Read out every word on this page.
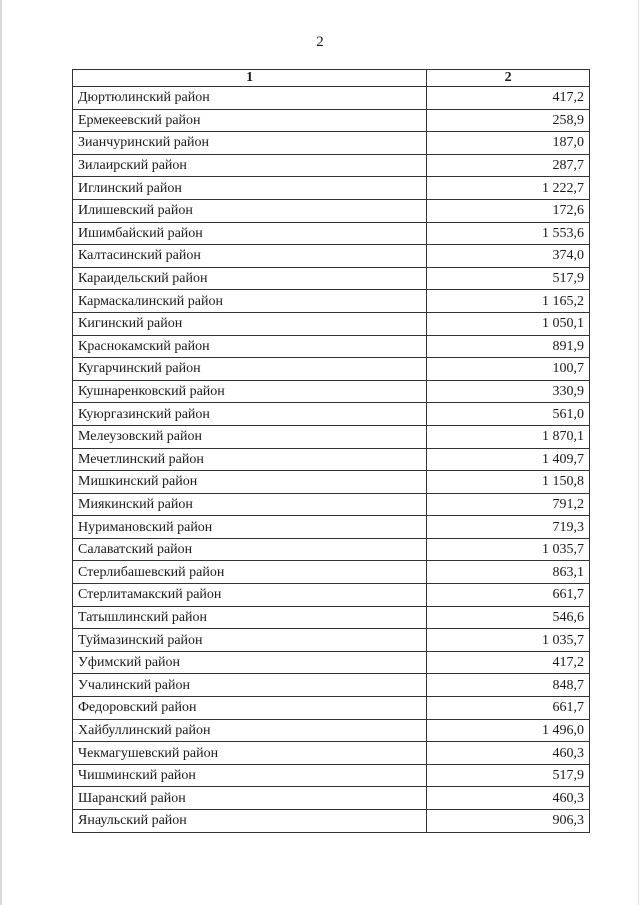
2
1	2
Дюртюлинский район	417,2
Ермекеевский район	258,9
Зианчуринский район	187,0
Зилаирский район	287,7
Иглинский район	1 222,7
Илишевский район	172,6
Ишимбайский район	1 553,6
Калтасинский район	374,0
Караидельский район	517,9
Кармаскалинский район	1 165,2
Кигинский район	1 050,1
Краснокамский район	891,9
Кугарчинский район	100,7
Кушнаренковский район	330,9
Куюргазинский район	561,0
Мелеузовский район	1 870,1
Мечетлинский район	1 409,7
Мишкинский район	1 150,8
Миякинский район	791,2
Нуримановский район	719,3
Салаватский район	1 035,7
Стерлибашевский район	863,1
Стерлитамакский район	661,7
Татышлинский район	546,6
Туймазинский район	1 035,7
Уфимский район	417,2
Учалинский район	848,7
Федоровский район	661,7
Хайбуллинский район	1 496,0
Чекмагушевский район	460,3
Чишминский район	517,9
Шаранский район	460,3
Янаульский район	906,3
